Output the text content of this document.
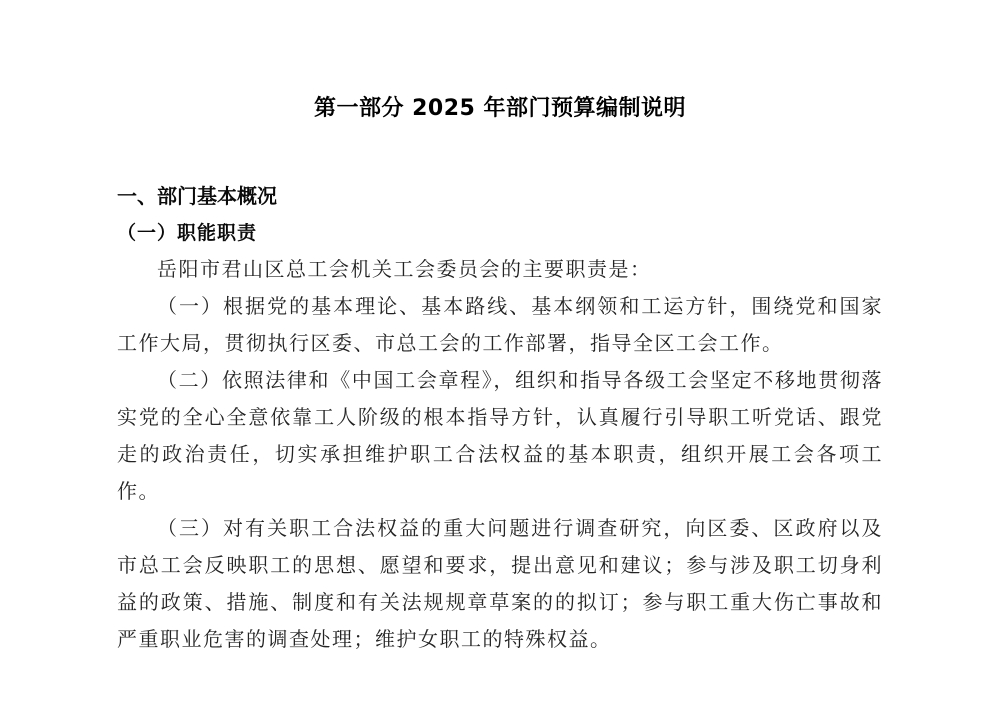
第一部分 2025 年部门预算编制说明
一、部门基本概况
（一）职能职责

岳阳市君山区总工会机关工会委员会的主要职责是：

（一）根据党的基本理论、基本路线、基本纲领和工运方针，围绕党和国家工作大局，贯彻执行区委、市总工会的工作部署，指导全区工会工作。

（二）依照法律和《中国工会章程》，组织和指导各级工会坚定不移地贯彻落实党的全心全意依靠工人阶级的根本指导方针，认真履行引导职工听党话、跟党走的政治责任，切实承担维护职工合法权益的基本职责，组织开展工会各项工作。

（三）对有关职工合法权益的重大问题进行调查研究，向区委、区政府以及市总工会反映职工的思想、愿望和要求，提出意见和建议；参与涉及职工切身利益的政策、措施、制度和有关法规规章草案的的拟订；参与职工重大伤亡事故和严重职业危害的调查处理；维护女职工的特殊权益。
